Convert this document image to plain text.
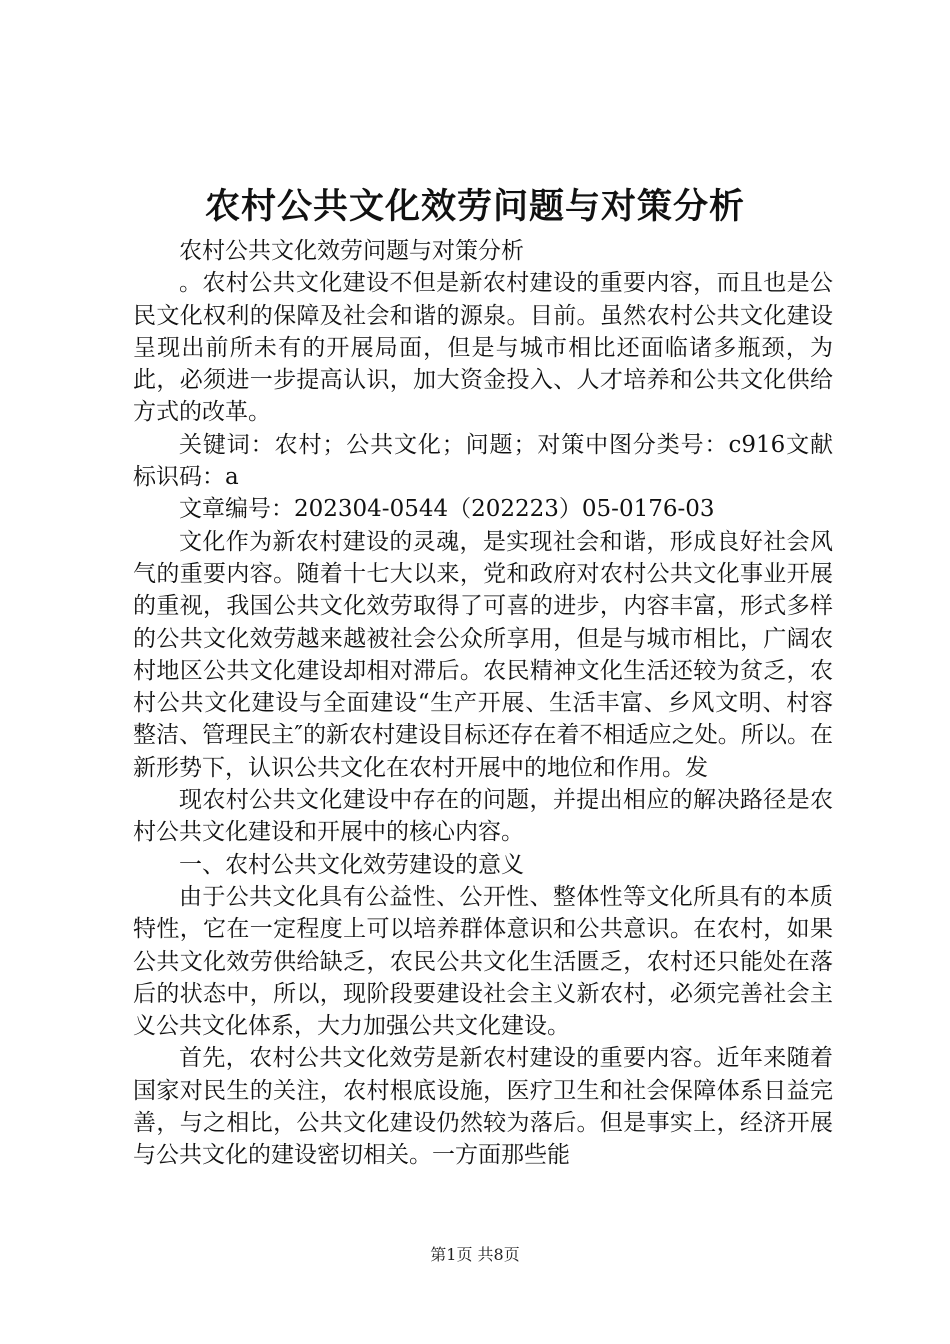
农村公共文化效劳问题与对策分析

农村公共文化效劳问题与对策分析

。农村公共文化建设不但是新农村建设的重要内容，而且也是公民文化权利的保障及社会和谐的源泉。目前。虽然农村公共文化建设呈现出前所未有的开展局面，但是与城市相比还面临诸多瓶颈，为此，必须进一步提高认识，加大资金投入、人才培养和公共文化供给方式的改革。

关键词：农村；公共文化；问题；对策中图分类号：c916文献标识码：a

文章编号：202304-0544（202223）05-0176-03

文化作为新农村建设的灵魂，是实现社会和谐，形成良好社会风气的重要内容。随着十七大以来，党和政府对农村公共文化事业开展的重视，我国公共文化效劳取得了可喜的进步，内容丰富，形式多样的公共文化效劳越来越被社会公众所享用，但是与城市相比，广阔农村地区公共文化建设却相对滞后。农民精神文化生活还较为贫乏，农村公共文化建设与全面建设“生产开展、生活丰富、乡风文明、村容整洁、管理民主″的新农村建设目标还存在着不相适应之处。所以。在新形势下，认识公共文化在农村开展中的地位和作用。发

现农村公共文化建设中存在的问题，并提出相应的解决路径是农村公共文化建设和开展中的核心内容。

一、农村公共文化效劳建设的意义

由于公共文化具有公益性、公开性、整体性等文化所具有的本质特性，它在一定程度上可以培养群体意识和公共意识。在农村，如果公共文化效劳供给缺乏，农民公共文化生活匮乏，农村还只能处在落后的状态中，所以，现阶段要建设社会主义新农村，必须完善社会主义公共文化体系，大力加强公共文化建设。

首先，农村公共文化效劳是新农村建设的重要内容。近年来随着国家对民生的关注，农村根底设施，医疗卫生和社会保障体系日益完善，与之相比，公共文化建设仍然较为落后。但是事实上，经济开展与公共文化的建设密切相关。一方面那些能

第1页 共8页
